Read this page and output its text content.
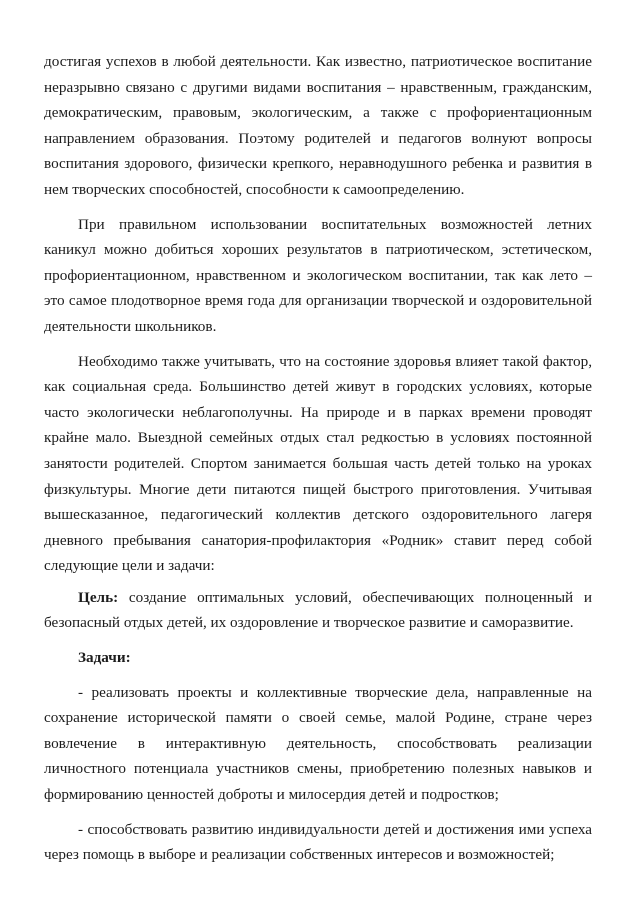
достигая успехов в любой деятельности. Как известно, патриотическое воспитание неразрывно связано с другими видами воспитания – нравственным, гражданским, демократическим, правовым, экологическим, а также с профориентационным направлением образования. Поэтому родителей и педагогов волнуют вопросы воспитания здорового, физически крепкого, неравнодушного ребенка и развития в нем творческих способностей, способности к самоопределению.

При правильном использовании воспитательных возможностей летних каникул можно добиться хороших результатов в патриотическом, эстетическом, профориентационном, нравственном и экологическом воспитании, так как лето – это самое плодотворное время года для организации творческой и оздоровительной деятельности школьников.

Необходимо также учитывать, что на состояние здоровья влияет такой фактор, как социальная среда. Большинство детей живут в городских условиях, которые часто экологически неблагополучны. На природе и в парках времени проводят крайне мало. Выездной семейных отдых стал редкостью в условиях постоянной занятости родителей. Спортом занимается большая часть детей только на уроках физкультуры. Многие дети питаются пищей быстрого приготовления. Учитывая вышесказанное, педагогический коллектив детского оздоровительного лагеря дневного пребывания санатория-профилактория «Родник» ставит перед собой следующие цели и задачи:

Цель: создание оптимальных условий, обеспечивающих полноценный и безопасный отдых детей, их оздоровление и творческое развитие и саморазвитие.

Задачи:

- реализовать проекты и коллективные творческие дела, направленные на сохранение исторической памяти о своей семье, малой Родине, стране через вовлечение в интерактивную деятельность, способствовать реализации личностного потенциала участников смены, приобретению полезных навыков и формированию ценностей доброты и милосердия детей и подростков;

- способствовать развитию индивидуальности детей и достижения ими успеха через помощь в выборе и реализации собственных интересов и возможностей;
